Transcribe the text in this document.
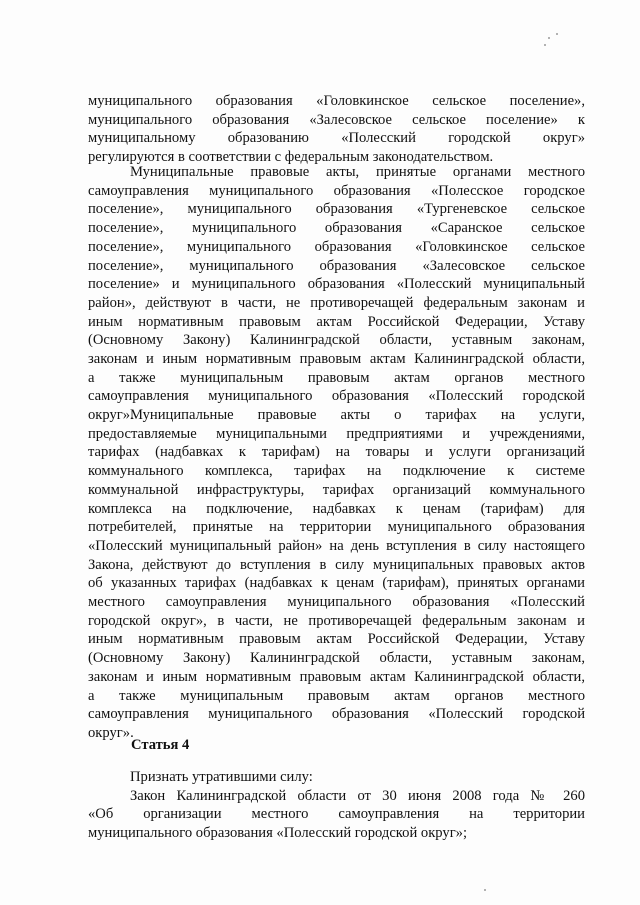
муниципального образования «Головкинское сельское поселение»,
муниципального образования «Залесовское сельское поселение» к
муниципальному образованию «Полесский городской округ»
регулируются в соответствии с федеральным законодательством.
Муниципальные правовые акты, принятые органами местного
самоуправления муниципального образования «Полесское городское
поселение», муниципального образования «Тургеневское сельское
поселение», муниципального образования «Саранское сельское
поселение», муниципального образования «Головкинское сельское
поселение», муниципального образования «Залесовское сельское
поселение» и муниципального образования «Полесский муниципальный
район», действуют в части, не противоречащей федеральным законам и
иным нормативным правовым актам Российской Федерации, Уставу
(Основному Закону) Калининградской области, уставным законам,
законам и иным нормативным правовым актам Калининградской области,
а также муниципальным правовым актам органов местного
самоуправления муниципального образования «Полесский городской
округ».
Муниципальные правовые акты о тарифах на услуги,
предоставляемые муниципальными предприятиями и учреждениями,
тарифах (надбавках к тарифам) на товары и услуги организаций
коммунального комплекса, тарифах на подключение к системе
коммунальной инфраструктуры, тарифах организаций коммунального
комплекса на подключение, надбавках к ценам (тарифам) для
потребителей, принятые на территории муниципального образования
«Полесский муниципальный район» на день вступления в силу настоящего
Закона, действуют до вступления в силу муниципальных правовых актов
об указанных тарифах (надбавках к ценам (тарифам), принятых органами
местного самоуправления муниципального образования «Полесский
городской округ», в части, не противоречащей федеральным законам и
иным нормативным правовым актам Российской Федерации, Уставу
(Основному Закону) Калининградской области, уставным законам,
законам и иным нормативным правовым актам Калининградской области,
а также муниципальным правовым актам органов местного
самоуправления муниципального образования «Полесский городской
округ».
Статья 4
Признать утратившими силу:
Закон Калининградской области от 30 июня 2008 года № 260
«Об организации местного самоуправления на территории
муниципального образования «Полесский городской округ»;
